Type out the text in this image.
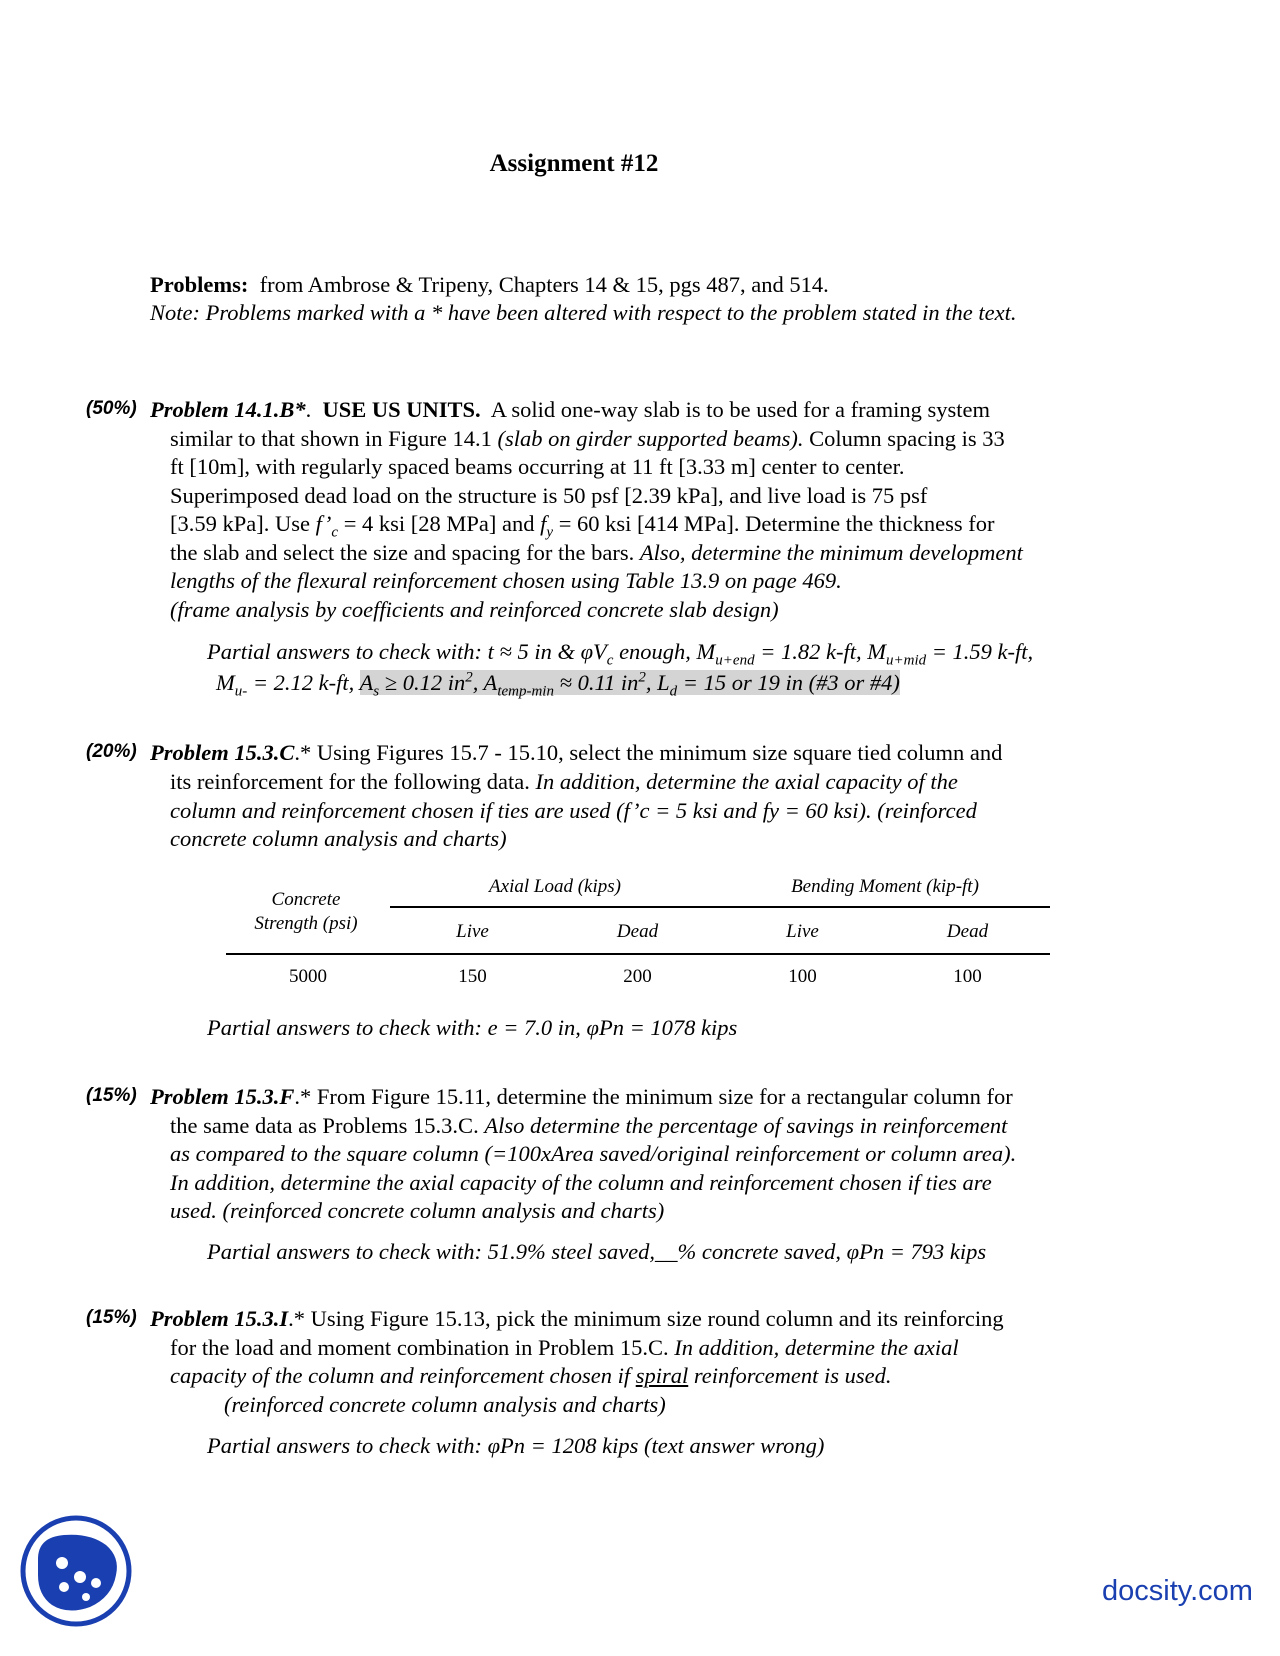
Assignment #12
Problems: from Ambrose & Tripeny, Chapters 14 & 15, pgs 487, and 514.
Note: Problems marked with a * have been altered with respect to the problem stated in the text.
(50%) Problem 14.1.B*.  USE US UNITS. A solid one-way slab is to be used for a framing system
similar to that shown in Figure 14.1 (slab on girder supported beams). Column spacing is 33
ft [10m], with regularly spaced beams occurring at 11 ft [3.33 m] center to center.
Superimposed dead load on the structure is 50 psf [2.39 kPa], and live load is 75 psf
[3.59 kPa]. Use $f’_c = 4$ ksi [28 MPa] and $f_y = 60$ ksi [414 MPa]. Determine the thickness for
the slab and select the size and spacing for the bars. Also, determine the minimum development
lengths of the flexural reinforcement chosen using Table 13.9 on page 469.
(frame analysis by coefficients and reinforced concrete slab design)
Partial answers to check with: t ≈ 5 in & $\varphi V_c$ enough, $M_{u+end} = 1.82$ k-ft, $M_{u+mid} = 1.59$ k-ft,
$M_{u-} = 2.12$ k-ft, $A_s \ge 0.12$ $in^2$, $A_{temp-min} \approx 0.11$ $in^2$, $L_d = 15$ or 19 in (#3 or #4)
(20%) Problem 15.3.C.* Using Figures 15.7 - 15.10, select the minimum size square tied column and
its reinforcement for the following data. In addition, determine the axial capacity of the
column and reinforcement chosen if ties are used (f’c = 5 ksi and fy = 60 ksi). (reinforced
concrete column analysis and charts)
Concrete
Strength (psi)
Axial Load (kips)	Bending Moment (kip-ft)
Live	Dead	Live	Dead
5000	150	200	100	100
Partial answers to check with: e = 7.0 in, φPn = 1078 kips
(15%) Problem 15.3.F.* From Figure 15.11, determine the minimum size for a rectangular column for
the same data as Problems 15.3.C. Also determine the percentage of savings in reinforcement
as compared to the square column (=100xArea saved/original reinforcement or column area).
In addition, determine the axial capacity of the column and reinforcement chosen if ties are
used. (reinforced concrete column analysis and charts)
Partial answers to check with: 51.9% steel saved,__% concrete saved, φPn = 793 kips
(15%) Problem 15.3.I.* Using Figure 15.13, pick the minimum size round column and its reinforcing
for the load and moment combination in Problem 15.C. In addition, determine the axial
capacity of the column and reinforcement chosen if spiral reinforcement is used.
(reinforced concrete column analysis and charts)
Partial answers to check with: φPn = 1208 kips (text answer wrong)
docsity.com
